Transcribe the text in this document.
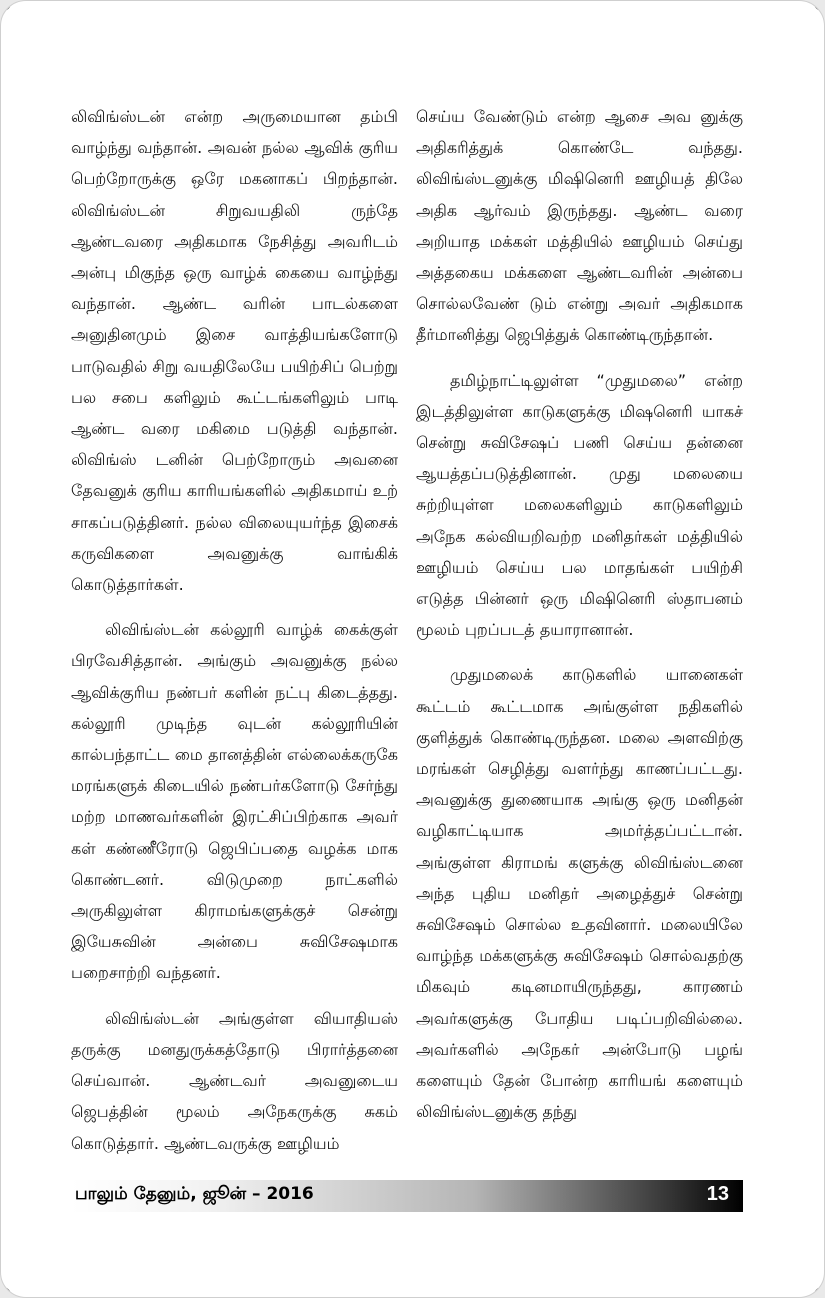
லிவிங்ஸ்டன் என்ற அருமையான தம்பி வாழ்ந்து வந்தான். அவன் நல்ல ஆவிக் குரிய பெற்றோருக்கு ஒரே மகனாகப் பிறந்தான். லிவிங்ஸ்டன் சிறுவயதிலி ருந்தே ஆண்டவரை அதிகமாக நேசித்து அவரிடம் அன்பு மிகுந்த ஒரு வாழ்க் கையை வாழ்ந்து வந்தான். ஆண்ட வரின் பாடல்களை அனுதினமும் இசை வாத்தியங்களோடு பாடுவதில் சிறு வயதிலேயே பயிற்சிப் பெற்று பல சபை களிலும் கூட்டங்களிலும் பாடி ஆண்ட வரை மகிமை படுத்தி வந்தான். லிவிங்ஸ் டனின் பெற்றோரும் அவனை தேவனுக் குரிய காரியங்களில் அதிகமாய் உற் சாகப்படுத்தினர். நல்ல விலையுயர்ந்த இசைக் கருவிகளை அவனுக்கு வாங்கிக் கொடுத்தார்கள்.

லிவிங்ஸ்டன் கல்லூரி வாழ்க் கைக்குள் பிரவேசித்தான். அங்கும் அவனுக்கு நல்ல ஆவிக்குரிய நண்பர் களின் நட்பு கிடைத்தது. கல்லூரி முடிந்த வுடன் கல்லூரியின் கால்பந்தாட்ட மை தானத்தின் எல்லைக்கருகே மரங்களுக் கிடையில் நண்பர்களோடு சேர்ந்து மற்ற மாணவர்களின் இரட்சிப்பிற்காக அவர் கள் கண்ணீரோடு ஜெபிப்பதை வழக்க மாக கொண்டனர். விடுமுறை நாட்களில் அருகிலுள்ள கிராமங்களுக்குச் சென்று இயேசுவின் அன்பை சுவிசேஷமாக பறைசாற்றி வந்தனர்.

லிவிங்ஸ்டன் அங்குள்ள வியாதியஸ் தருக்கு மனதுருக்கத்தோடு பிரார்த்தனை செய்வான். ஆண்டவர் அவனுடைய ஜெபத்தின் மூலம் அநேகருக்கு சுகம் கொடுத்தார். ஆண்டவருக்கு ஊழியம்

செய்ய வேண்டும் என்ற ஆசை அவ னுக்கு அதிகரித்துக் கொண்டே வந்தது. லிவிங்ஸ்டனுக்கு மிஷினெரி ஊழியத் திலே அதிக ஆர்வம் இருந்தது. ஆண்ட வரை அறியாத மக்கள் மத்தியில் ஊழியம் செய்து அத்தகைய மக்களை ஆண்டவரின் அன்பை சொல்லவேண் டும் என்று அவர் அதிகமாக தீர்மானித்து ஜெபித்துக் கொண்டிருந்தான்.

தமிழ்நாட்டிலுள்ள “முதுமலை” என்ற இடத்திலுள்ள காடுகளுக்கு மிஷனெரி யாகச் சென்று சுவிசேஷப் பணி செய்ய தன்னை ஆயத்தப்படுத்தினான். முது மலையை சுற்றியுள்ள மலைகளிலும் காடுகளிலும் அநேக கல்வியறிவற்ற மனிதர்கள் மத்தியில் ஊழியம் செய்ய பல மாதங்கள் பயிற்சி எடுத்த பின்னர் ஒரு மிஷினெரி ஸ்தாபனம் மூலம் புறப்படத் தயாரானான்.

முதுமலைக் காடுகளில் யானைகள் கூட்டம் கூட்டமாக அங்குள்ள நதிகளில் குளித்துக் கொண்டிருந்தன. மலை அளவிற்கு மரங்கள் செழித்து வளர்ந்து காணப்பட்டது. அவனுக்கு துணையாக அங்கு ஒரு மனிதன் வழிகாட்டியாக அமர்த்தப்பட்டான். அங்குள்ள கிராமங் களுக்கு லிவிங்ஸ்டனை அந்த புதிய மனிதர் அழைத்துச் சென்று சுவிசேஷம் சொல்ல உதவினார். மலையிலே வாழ்ந்த மக்களுக்கு சுவிசேஷம் சொல்வதற்கு மிகவும் கடினமாயிருந்தது, காரணம் அவர்களுக்கு போதிய படிப்பறிவில்லை. அவர்களில் அநேகர் அன்போடு பழங் களையும் தேன் போன்ற காரியங் களையும் லிவிங்ஸ்டனுக்கு தந்து

பாலும் தேனும், ஜூன் – 2016	13
